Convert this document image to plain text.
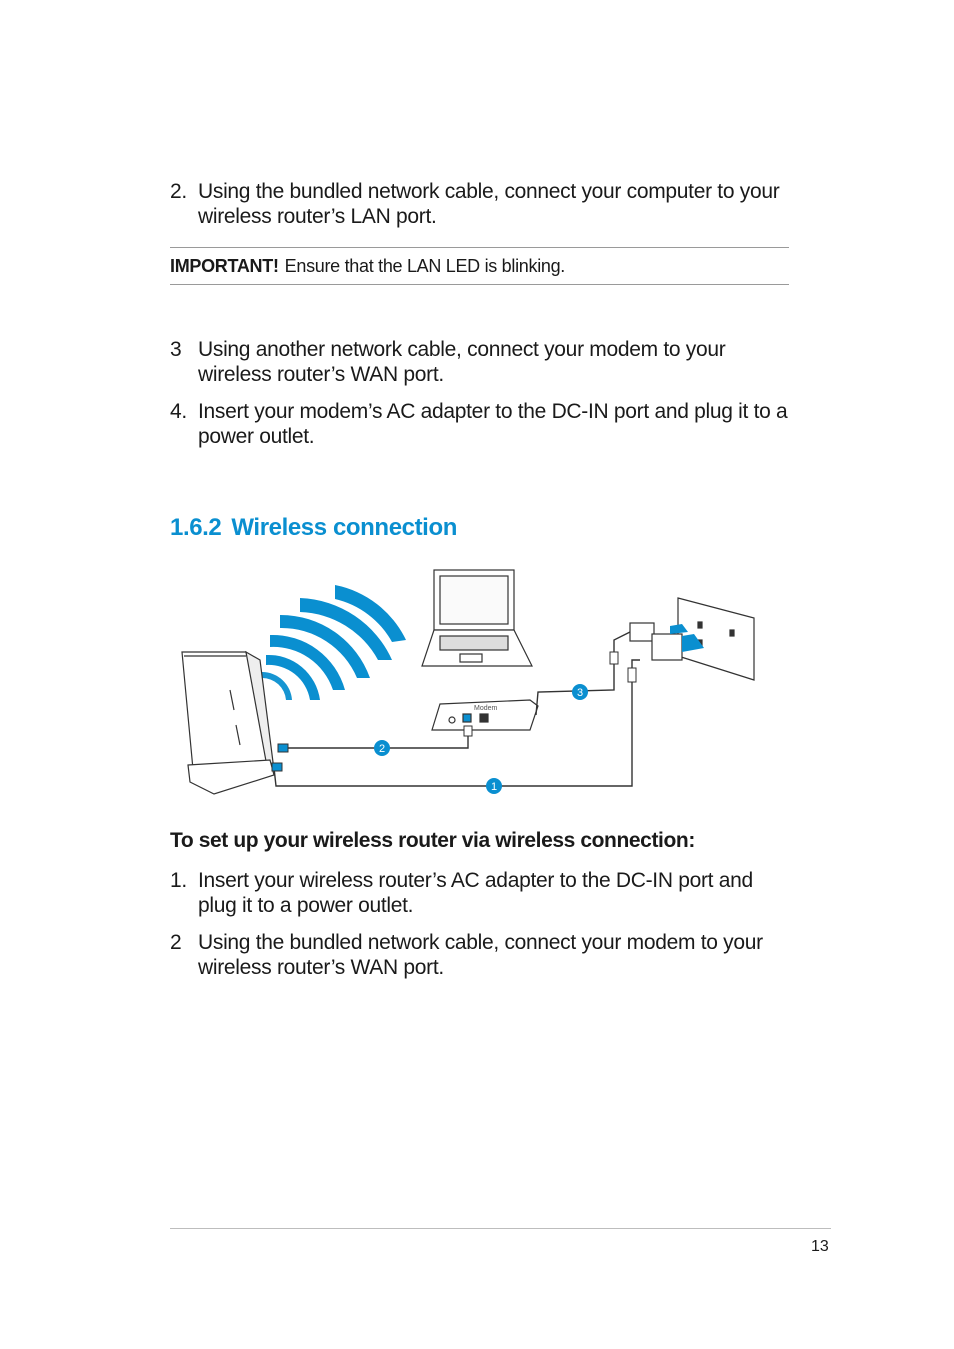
2. Using the bundled network cable, connect your computer to your wireless router’s LAN port.
IMPORTANT! Ensure that the LAN LED is blinking.
3 Using another network cable, connect your modem to your wireless router’s WAN port.
4. Insert your modem’s AC adapter to the DC-IN port and plug it to a power outlet.
1.6.2 Wireless connection
Modem
1
2
3
To set up your wireless router via wireless connection:
1. Insert your wireless router’s AC adapter to the DC-IN port and plug it to a power outlet.
2 Using the bundled network cable, connect your modem to your wireless router’s WAN port.
13
